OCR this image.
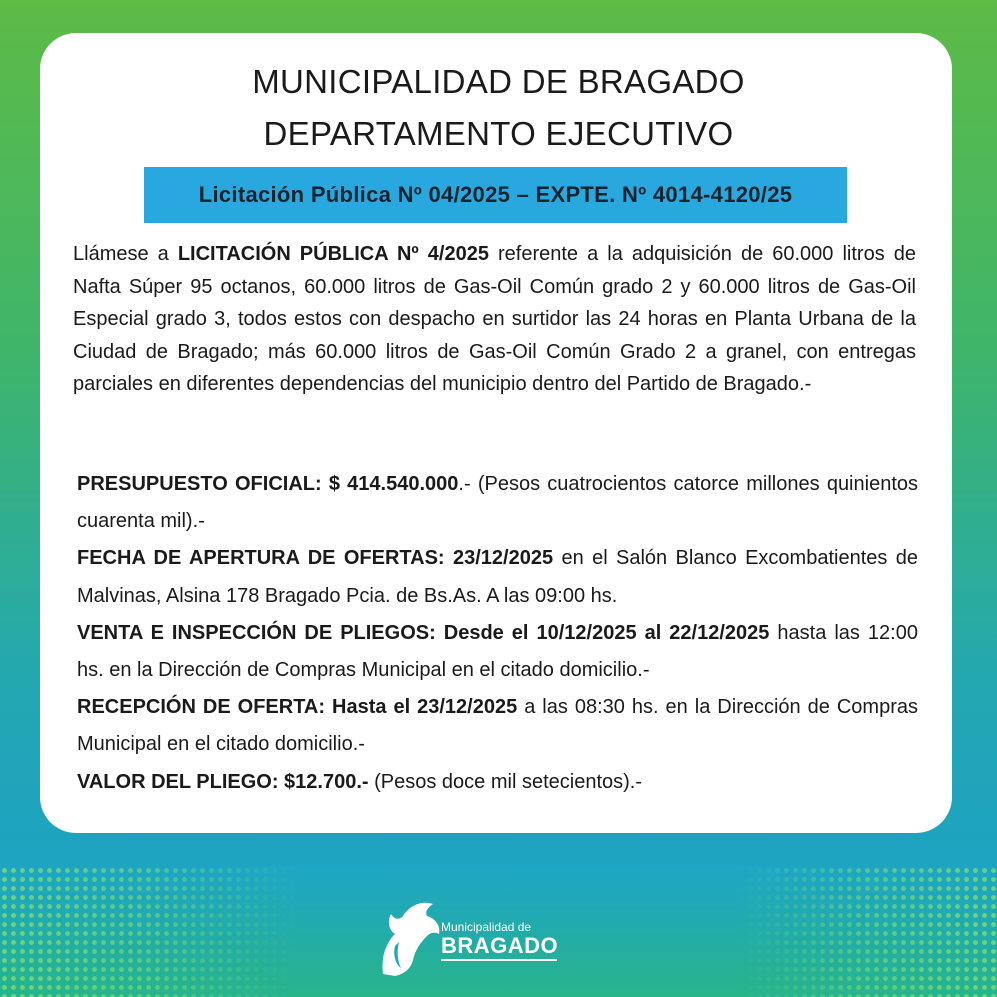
MUNICIPALIDAD DE BRAGADO
DEPARTAMENTO EJECUTIVO
Licitación Pública Nº 04/2025 – EXPTE. Nº 4014-4120/25
Llámese a LICITACIÓN PÚBLICA Nº 4/2025 referente a la adquisición de 60.000 litros de Nafta Súper 95 octanos, 60.000 litros de Gas-Oil Común grado 2 y 60.000 litros de Gas-Oil Especial grado 3, todos estos con despacho en surtidor las 24 horas en Planta Urbana de la Ciudad de Bragado; más 60.000 litros de Gas-Oil Común Grado 2 a granel, con entregas parciales en diferentes dependencias del municipio dentro del Partido de Bragado.-

PRESUPUESTO OFICIAL: $ 414.540.000.- (Pesos cuatrocientos catorce millones quinientos cuarenta mil).-

FECHA DE APERTURA DE OFERTAS: 23/12/2025 en el Salón Blanco Excombatientes de Malvinas, Alsina 178 Bragado Pcia. de Bs.As. A las 09:00 hs.

VENTA E INSPECCIÓN DE PLIEGOS: Desde el 10/12/2025 al 22/12/2025 hasta las 12:00 hs. en la Dirección de Compras Municipal en el citado domicilio.-

RECEPCIÓN DE OFERTA: Hasta el 23/12/2025 a las 08:30 hs. en la Dirección de Compras Municipal en el citado domicilio.-

VALOR DEL PLIEGO: $12.700.- (Pesos doce mil setecientos).-

Municipalidad de
BRAGADO
